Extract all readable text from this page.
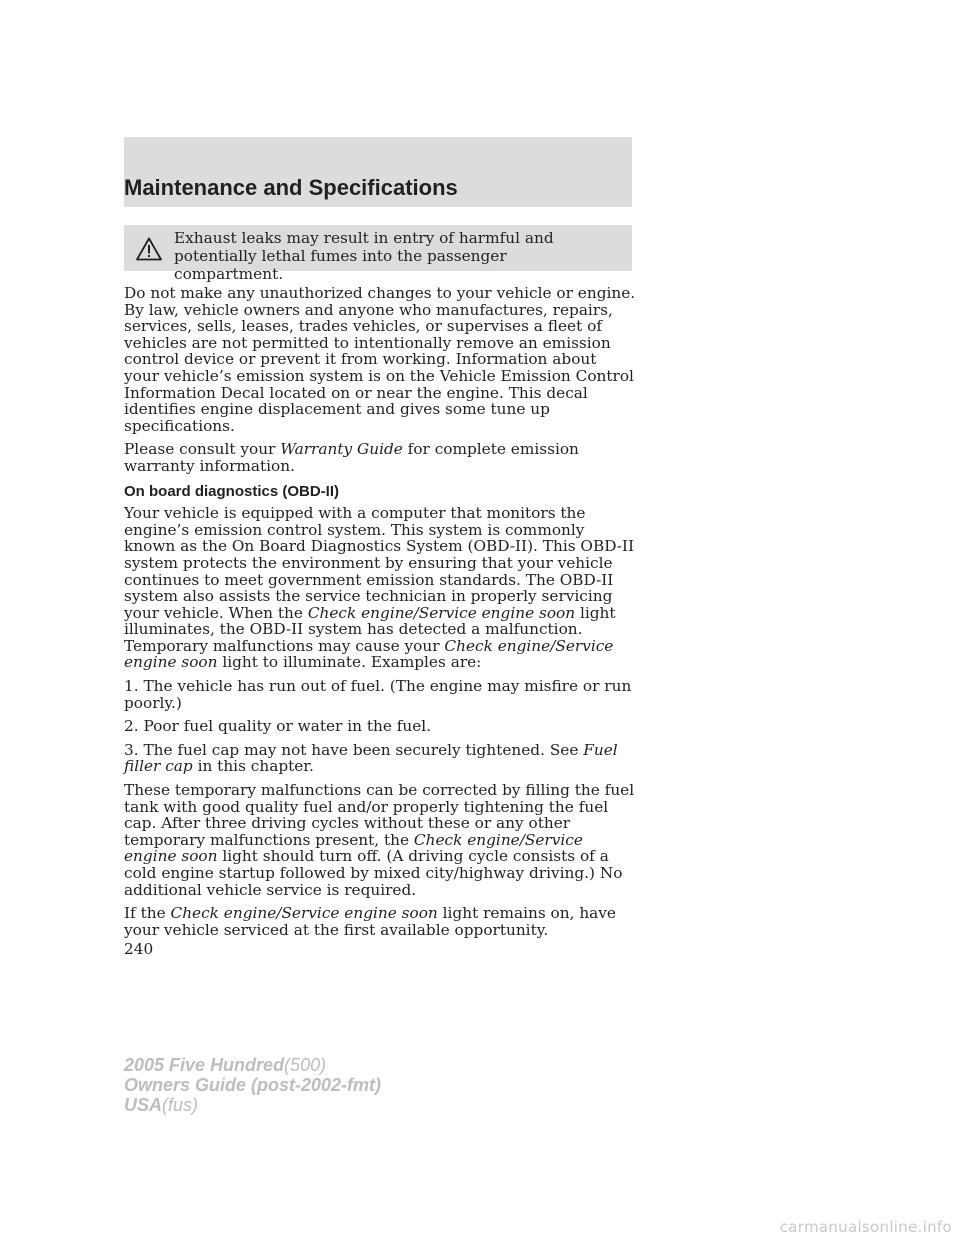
Maintenance and Specifications
Exhaust leaks may result in entry of harmful and potentially lethal fumes into the passenger compartment.

Do not make any unauthorized changes to your vehicle or engine. By law, vehicle owners and anyone who manufactures, repairs, services, sells, leases, trades vehicles, or supervises a fleet of vehicles are not permitted to intentionally remove an emission control device or prevent it from working. Information about your vehicle’s emission system is on the Vehicle Emission Control Information Decal located on or near the engine. This decal identifies engine displacement and gives some tune up specifications.

Please consult your Warranty Guide for complete emission warranty information.

On board diagnostics (OBD-II)

Your vehicle is equipped with a computer that monitors the engine’s emission control system. This system is commonly known as the On Board Diagnostics System (OBD-II). This OBD-II system protects the environment by ensuring that your vehicle continues to meet government emission standards. The OBD-II system also assists the service technician in properly servicing your vehicle. When the Check engine/Service engine soon light illuminates, the OBD-II system has detected a malfunction. Temporary malfunctions may cause your Check engine/Service engine soon light to illuminate. Examples are:

1. The vehicle has run out of fuel. (The engine may misfire or run poorly.)

2. Poor fuel quality or water in the fuel.

3. The fuel cap may not have been securely tightened. See Fuel filler cap in this chapter.

These temporary malfunctions can be corrected by filling the fuel tank with good quality fuel and/or properly tightening the fuel cap. After three driving cycles without these or any other temporary malfunctions present, the Check engine/Service engine soon light should turn off. (A driving cycle consists of a cold engine startup followed by mixed city/highway driving.) No additional vehicle service is required.

If the Check engine/Service engine soon light remains on, have your vehicle serviced at the first available opportunity.

240
2005 Five Hundred(500)
Owners Guide (post-2002-fmt)
USA(fus)
carmanualsonline.info
